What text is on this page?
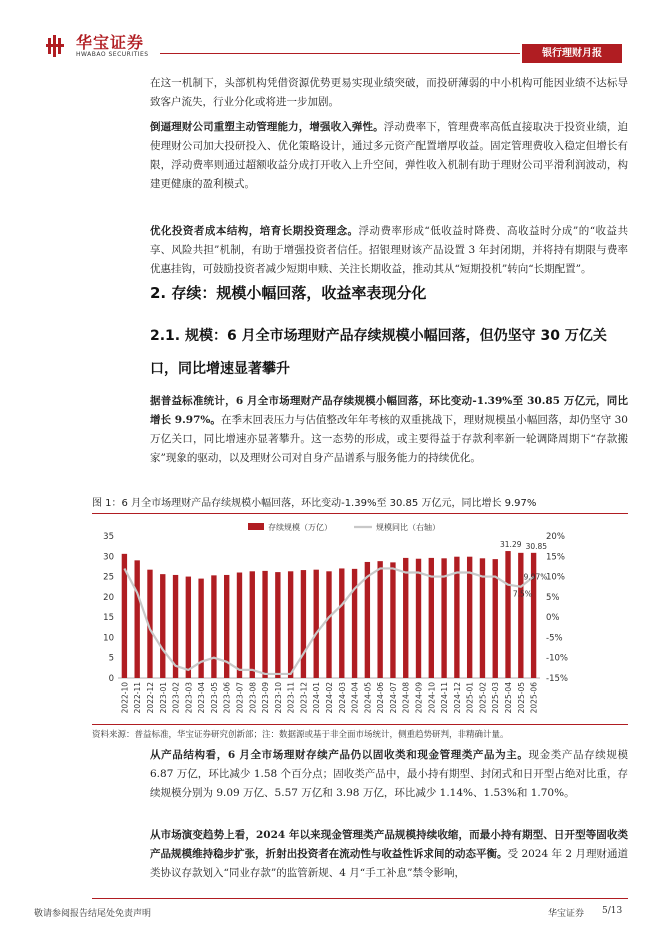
华宝证券
HWABAO SECURITIES	银行理财月报
在这一机制下，头部机构凭借资源优势更易实现业绩突破，而投研薄弱的中小机构可能因业绩不达标导致客户流失，行业分化或将进一步加剧。
倒逼理财公司重塑主动管理能力，增强收入弹性。浮动费率下，管理费率高低直接取决于投资业绩，迫使理财公司加大投研投入、优化策略设计，通过多元资产配置增厚收益。固定管理费收入稳定但增长有限，浮动费率则通过超额收益分成打开收入上升空间，弹性收入机制有助于理财公司平滑利润波动，构建更健康的盈利模式。
优化投资者成本结构，培育长期投资理念。浮动费率形成“低收益时降费、高收益时分成”的“收益共享、风险共担”机制，有助于增强投资者信任。招银理财该产品设置 3 年封闭期，并将持有期限与费率优惠挂钩，可鼓励投资者减少短期申赎、关注长期收益，推动其从“短期投机”转向“长期配置”。
2. 存续：规模小幅回落，收益率表现分化
2.1. 规模：6 月全市场理财产品存续规模小幅回落，但仍坚守 30 万亿关口，同比增速显著攀升
据普益标准统计，6 月全市场理财产品存续规模小幅回落，环比变动-1.39%至 30.85 万亿元，同比增长 9.97%。在季末回表压力与估值整改年年考核的双重挑战下，理财规模虽小幅回落，却仍坚守 30 万亿关口，同比增速亦显著攀升。这一态势的形成，或主要得益于存款利率新一轮调降周期下“存款搬家”现象的驱动，以及理财公司对自身产品谱系与服务能力的持续优化。
图 1：6 月全市场理财产品存续规模小幅回落，环比变动-1.39%至 30.85 万亿元，同比增长 9.97%
0
5
10
15
20
25
30
35
-15%
-10%
-5%
0%
5%
10%
15%
20%
2022-10 2022-11 2022-12 2023-01 2023-02 2023-03 2023-04 2023-05 2023-06 2023-07 2023-08 2023-09 2023-10 2023-11 2023-12 2024-01 2024-02 2024-03 2024-04 2024-05 2024-06 2024-07 2024-08 2024-09 2024-10 2024-11 2024-12 2025-01 2025-02 2025-03 2025-04 2025-05 2025-06
存续规模（万亿）	规模同比（右轴）
31.29 30.85
7.5%
9.97%
资料来源：普益标准，华宝证券研究创新部；注：数据源或基于非全面市场统计，侧重趋势研判，非精确计量。
从产品结构看，6 月全市场理财存续产品仍以固收类和现金管理类产品为主。现金类产品存续规模 6.87 万亿，环比减少 1.58 个百分点；固收类产品中，最小持有期型、封闭式和日开型占绝对比重，存续规模分别为 9.09 万亿、5.57 万亿和 3.98 万亿，环比减少 1.14%、1.53%和 1.70%。
从市场演变趋势上看，2024 年以来现金管理类产品规模持续收缩，而最小持有期型、日开型等固收类产品规模维持稳步扩张，折射出投资者在流动性与收益性诉求间的动态平衡。受 2024 年 2 月理财通道类协议存款划入“同业存款”的监管新规、4 月“手工补息”禁令影响，
敬请参阅报告结尾处免责声明	华宝证券 5/13
